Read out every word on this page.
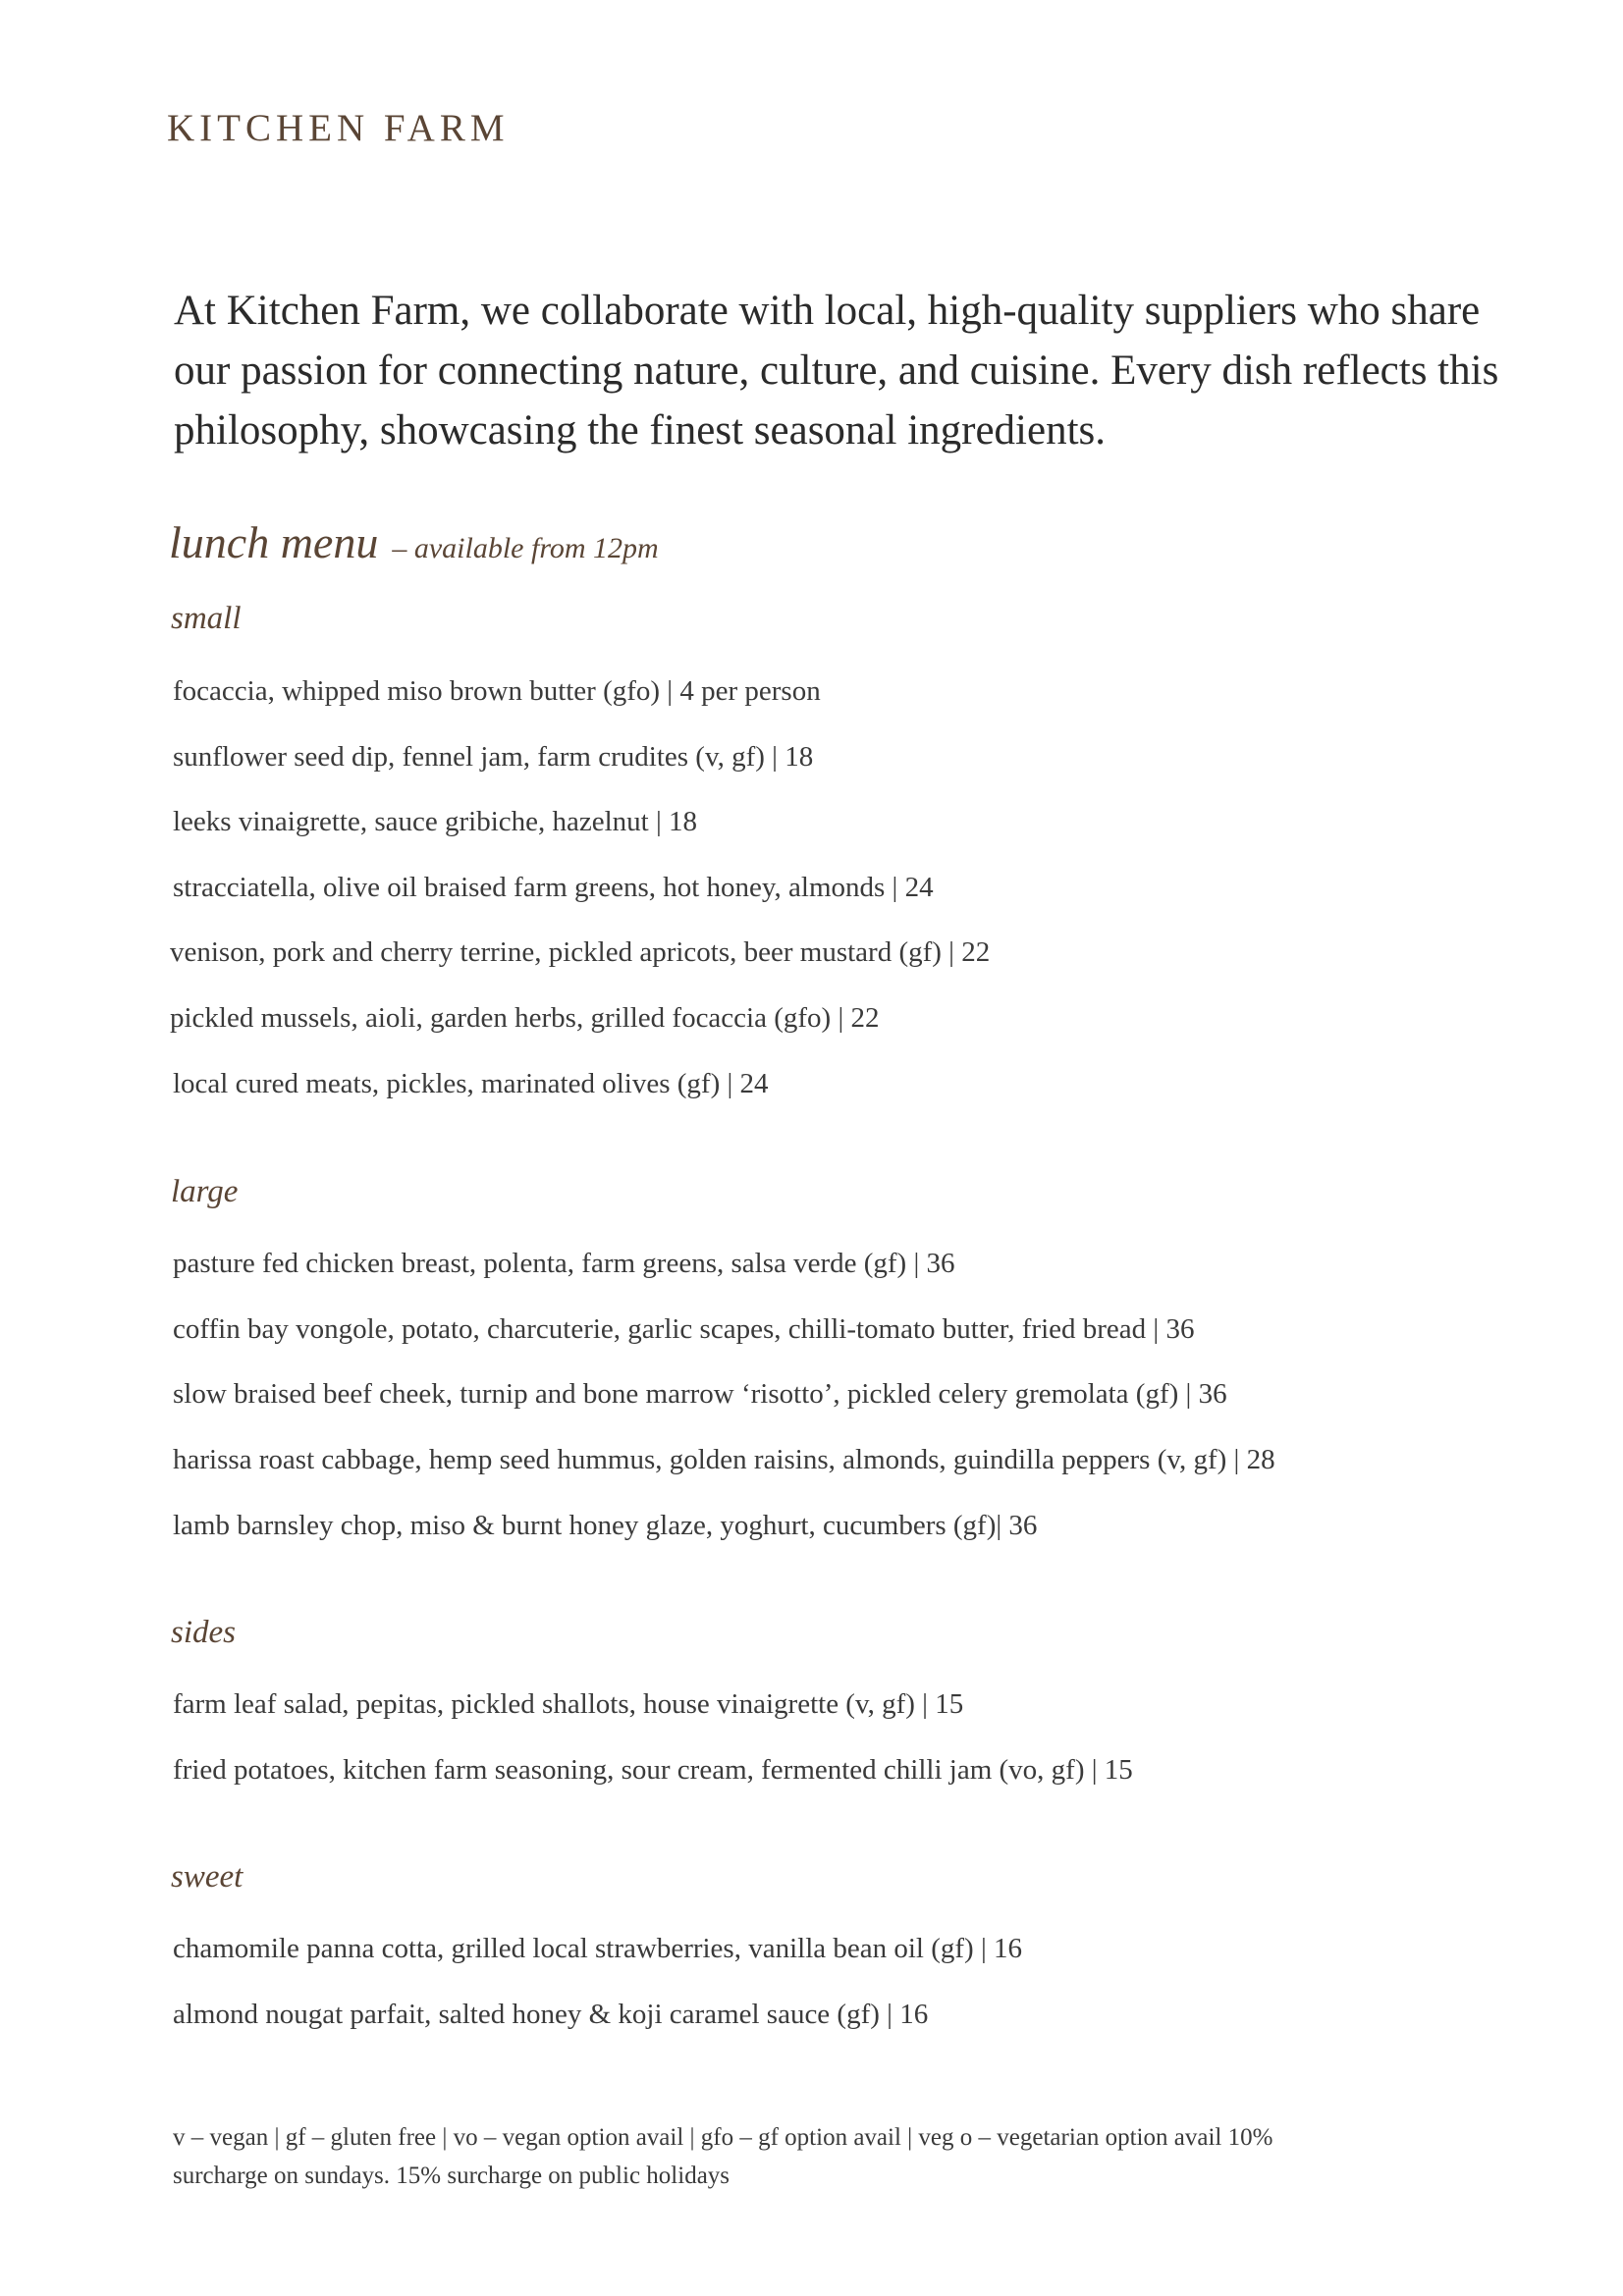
KITCHEN FARM

At Kitchen Farm, we collaborate with local, high-quality suppliers who share our passion for connecting nature, culture, and cuisine. Every dish reflects this philosophy, showcasing the finest seasonal ingredients.

lunch menu – available from 12pm
small
focaccia, whipped miso brown butter (gfo) | 4 per person
sunflower seed dip, fennel jam, farm crudites (v, gf) | 18
leeks vinaigrette, sauce gribiche, hazelnut | 18
stracciatella, olive oil braised farm greens, hot honey, almonds | 24
venison, pork and cherry terrine, pickled apricots, beer mustard (gf) | 22
pickled mussels, aioli, garden herbs, grilled focaccia (gfo) | 22
local cured meats, pickles, marinated olives (gf) | 24
large
pasture fed chicken breast, polenta, farm greens, salsa verde (gf) | 36
coffin bay vongole, potato, charcuterie, garlic scapes, chilli-tomato butter, fried bread | 36
slow braised beef cheek, turnip and bone marrow ‘risotto’, pickled celery gremolata (gf) | 36
harissa roast cabbage, hemp seed hummus, golden raisins, almonds, guindilla peppers (v, gf) | 28
lamb barnsley chop, miso & burnt honey glaze, yoghurt, cucumbers (gf)| 36
sides
farm leaf salad, pepitas, pickled shallots, house vinaigrette (v, gf) | 15
fried potatoes, kitchen farm seasoning, sour cream, fermented chilli jam (vo, gf) | 15
sweet
chamomile panna cotta, grilled local strawberries, vanilla bean oil (gf) | 16
almond nougat parfait, salted honey & koji caramel sauce (gf) | 16
v – vegan | gf – gluten free | vo – vegan option avail | gfo – gf option avail | veg o – vegetarian option avail 10%
surcharge on sundays. 15% surcharge on public holidays
